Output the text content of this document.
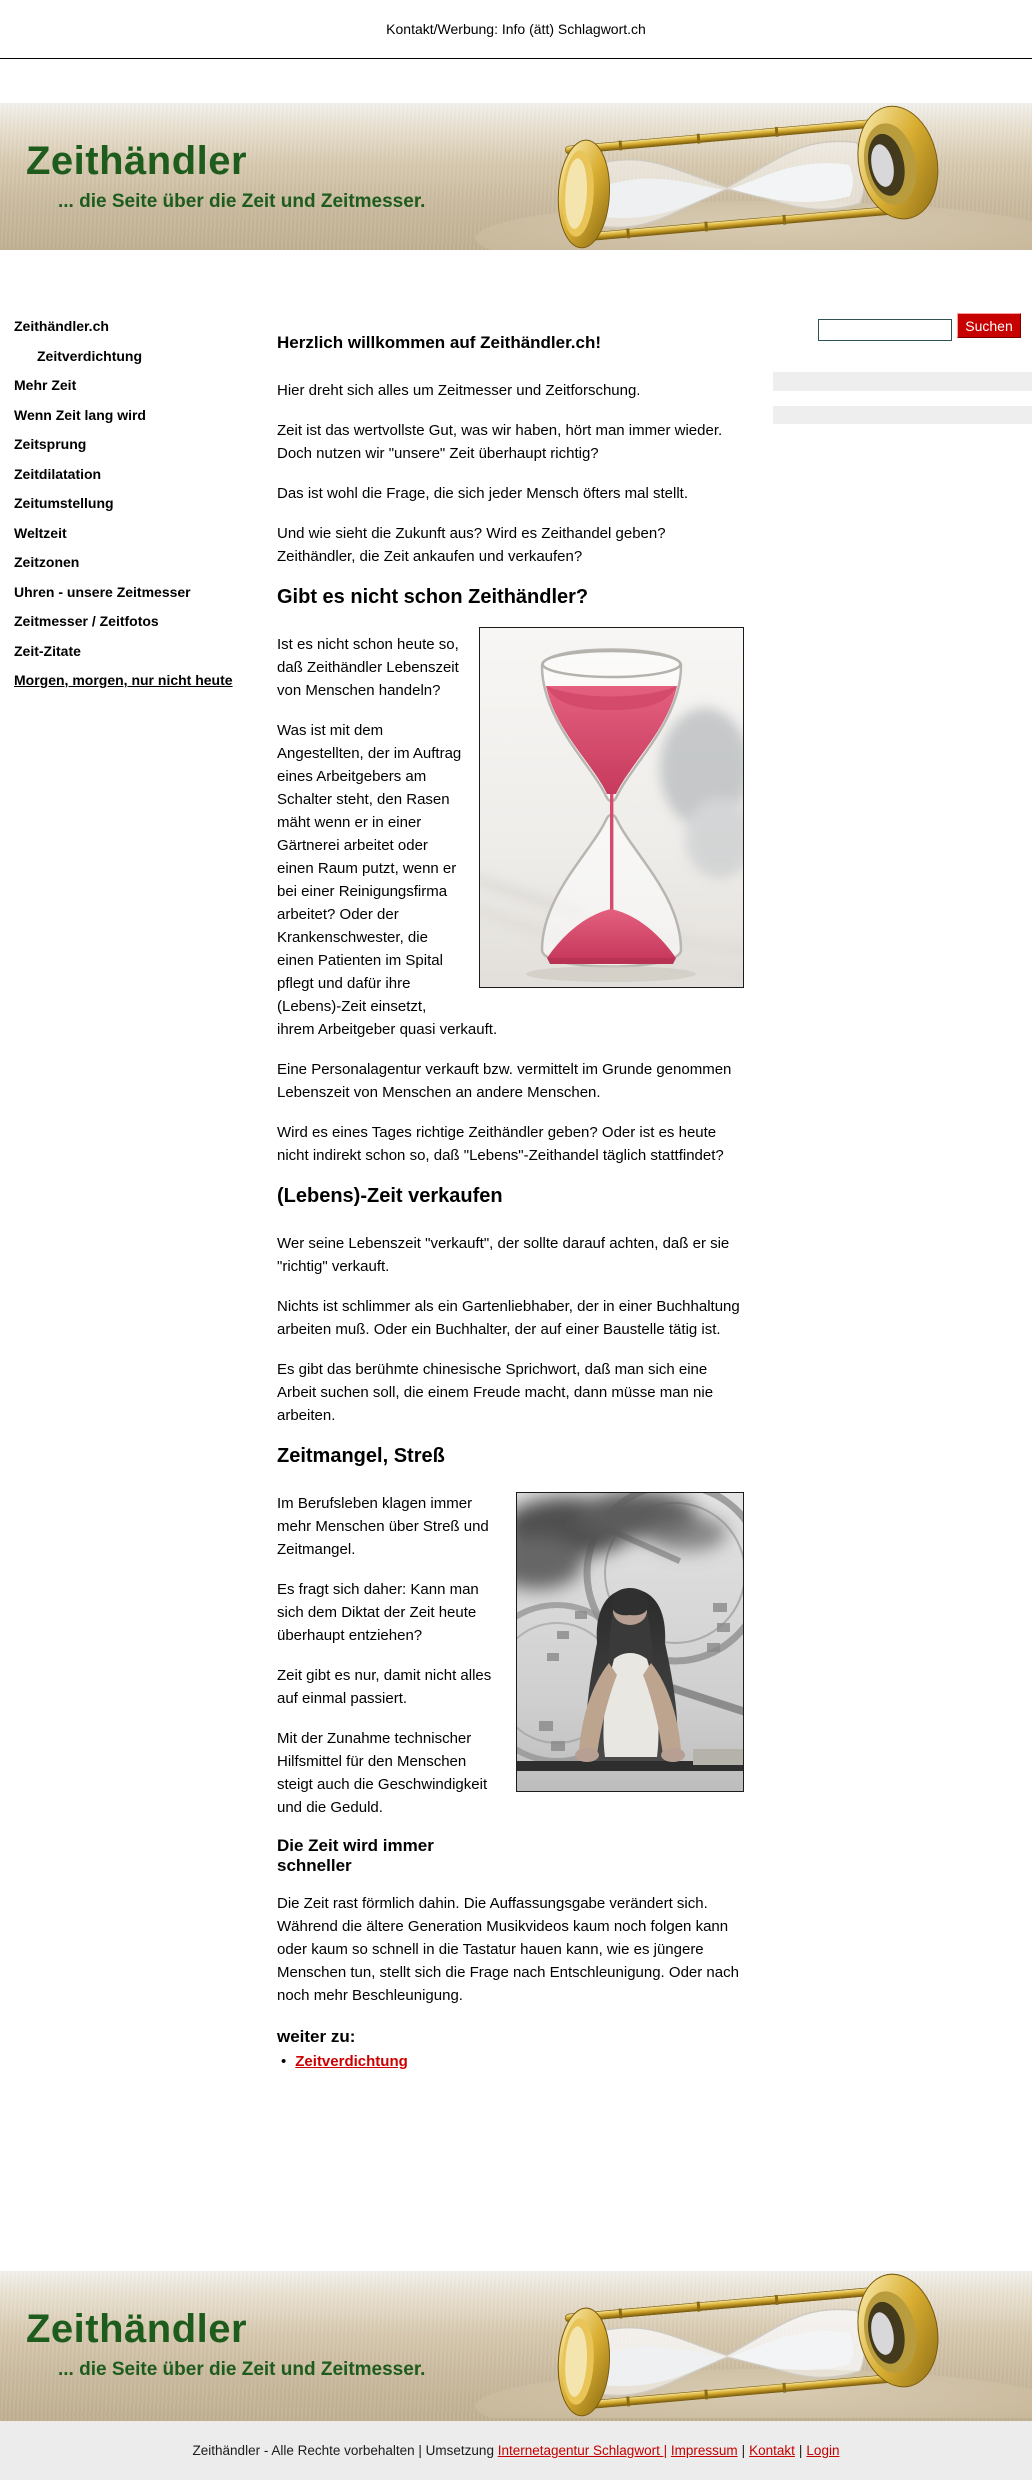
Kontakt/Werbung: Info (ätt) Schlagwort.ch
Zeithändler
... die Seite über die Zeit und Zeitmesser.
Zeithändler.ch
Zeitverdichtung
Mehr Zeit
Wenn Zeit lang wird
Zeitsprung
Zeitdilatation
Zeitumstellung
Weltzeit
Zeitzonen
Uhren - unsere Zeitmesser
Zeitmesser / Zeitfotos
Zeit-Zitate
Morgen, morgen, nur nicht heute
Suchen
Herzlich willkommen auf Zeithändler.ch!

Hier dreht sich alles um Zeitmesser und Zeitforschung.

Zeit ist das wertvollste Gut, was wir haben, hört man immer wieder. Doch nutzen wir "unsere" Zeit überhaupt richtig?

Das ist wohl die Frage, die sich jeder Mensch öfters mal stellt.

Und wie sieht die Zukunft aus? Wird es Zeithandel geben? Zeithändler, die Zeit ankaufen und verkaufen?

Gibt es nicht schon Zeithändler?

Ist es nicht schon heute so, daß Zeithändler Lebenszeit von Menschen handeln?

Was ist mit dem Angestellten, der im Auftrag eines Arbeitgebers am Schalter steht, den Rasen mäht wenn er in einer Gärtnerei arbeitet oder einen Raum putzt, wenn er bei einer Reinigungsfirma arbeitet? Oder der Krankenschwester, die einen Patienten im Spital pflegt und dafür ihre (Lebens)-Zeit einsetzt, ihrem Arbeitgeber quasi verkauft.

Eine Personalagentur verkauft bzw. vermittelt im Grunde genommen Lebenszeit von Menschen an andere Menschen.

Wird es eines Tages richtige Zeithändler geben? Oder ist es heute nicht indirekt schon so, daß "Lebens"-Zeithandel täglich stattfindet?

(Lebens)-Zeit verkaufen

Wer seine Lebenszeit "verkauft", der sollte darauf achten, daß er sie "richtig" verkauft.

Nichts ist schlimmer als ein Gartenliebhaber, der in einer Buchhaltung arbeiten muß. Oder ein Buchhalter, der auf einer Baustelle tätig ist.

Es gibt das berühmte chinesische Sprichwort, daß man sich eine Arbeit suchen soll, die einem Freude macht, dann müsse man nie arbeiten.

Zeitmangel, Streß

Im Berufsleben klagen immer mehr Menschen über Streß und Zeitmangel.

Es fragt sich daher: Kann man sich dem Diktat der Zeit heute überhaupt entziehen?

Zeit gibt es nur, damit nicht alles auf einmal passiert.

Mit der Zunahme technischer Hilfsmittel für den Menschen steigt auch die Geschwindigkeit und die Geduld.

Die Zeit wird immer schneller

Die Zeit rast förmlich dahin. Die Auffassungsgabe verändert sich. Während die ältere Generation Musikvideos kaum noch folgen kann oder kaum so schnell in die Tastatur hauen kann, wie es jüngere Menschen tun, stellt sich die Frage nach Entschleunigung. Oder nach noch mehr Beschleunigung.

weiter zu:
• Zeitverdichtung
Zeithändler
... die Seite über die Zeit und Zeitmesser.
Zeithändler - Alle Rechte vorbehalten | Umsetzung
Internetagentur Schlagwort |
Impressum | Kontakt | Login
